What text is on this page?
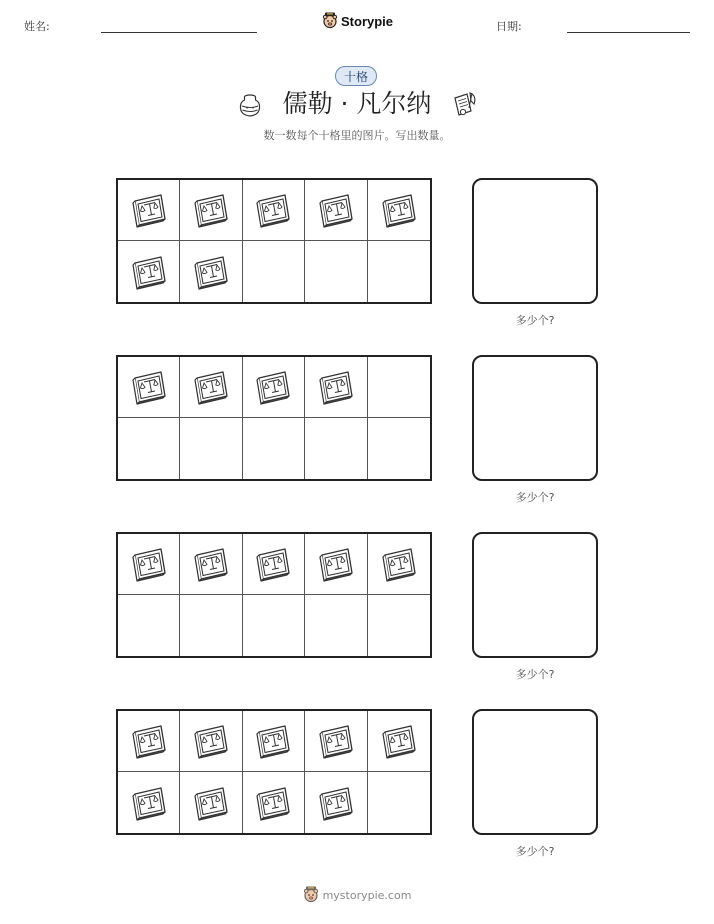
姓名:	Storypie	日期:
十格
儒勒 · 凡尔纳
数一数每个十格里的图片。写出数量。
多少个?
多少个?
多少个?
多少个?
mystorypie.com
